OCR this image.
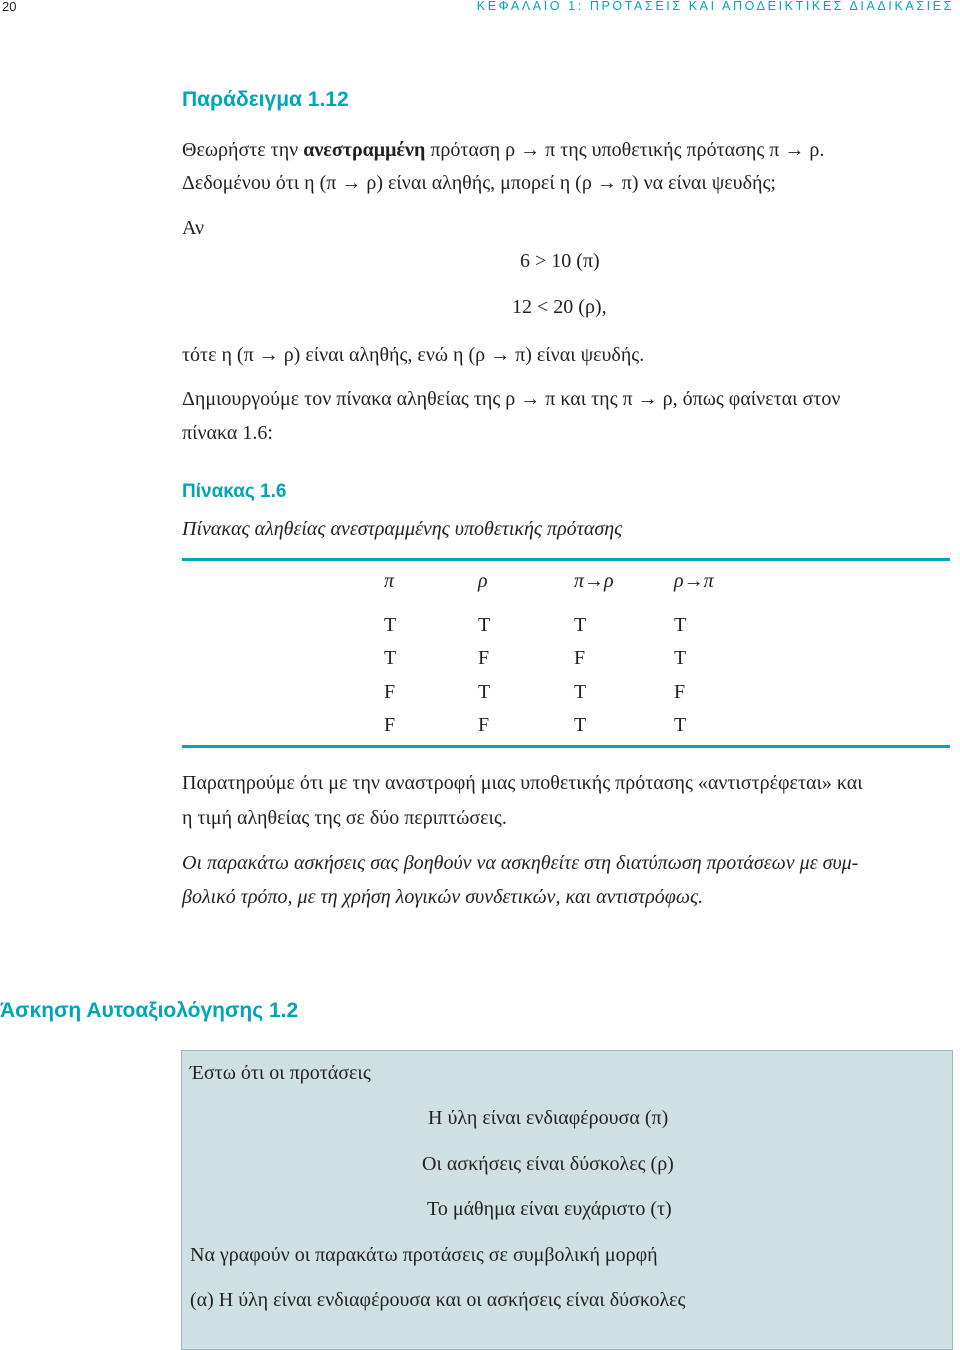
20	ΚΕΦΑΛΑΙΟ 1: ΠΡΟΤΑΣΕΙΣ ΚΑΙ ΑΠΟΔΕΙΚΤΙΚΕΣ ΔΙΑΔΙΚΑΣΙΕΣ
Παράδειγμα 1.12

Θεωρήστε την ανεστραμμένη πρόταση ρ → π της υποθετικής πρότασης π → ρ.

Δεδομένου ότι η (π → ρ) είναι αληθής, μπορεί η (ρ → π) να είναι ψευδής;

Αν

6 > 10 (π)

12 < 20 (ρ),

τότε η (π → ρ) είναι αληθής, ενώ η (ρ → π) είναι ψευδής.

Δημιουργούμε τον πίνακα αληθείας της ρ → π και της π → ρ, όπως φαίνεται στον

πίνακα 1.6:

Πίνακας 1.6

Πίνακας αληθείας ανεστραμμένης υποθετικής πρότασης

π	ρ	π→ρ	ρ→π
T	T	T	T
T	F	F	T
F	T	T	F
F	F	T	T

Παρατηρούμε ότι με την αναστροφή μιας υποθετικής πρότασης «αντιστρέφεται» και

η τιμή αληθείας της σε δύο περιπτώσεις.

Οι παρακάτω ασκήσεις σας βοηθούν να ασκηθείτε στη διατύπωση προτάσεων με συμ-

βολικό τρόπο, με τη χρήση λογικών συνδετικών, και αντιστρόφως.

Άσκηση Αυτοαξιολόγησης 1.2
Έστω ότι οι προτάσεις
Η ύλη είναι ενδιαφέρουσα (π)
Οι ασκήσεις είναι δύσκολες (ρ)
Το μάθημα είναι ευχάριστο (τ)
Να γραφούν οι παρακάτω προτάσεις σε συμβολική μορφή
(α) Η ύλη είναι ενδιαφέρουσα και οι ασκήσεις είναι δύσκολες
